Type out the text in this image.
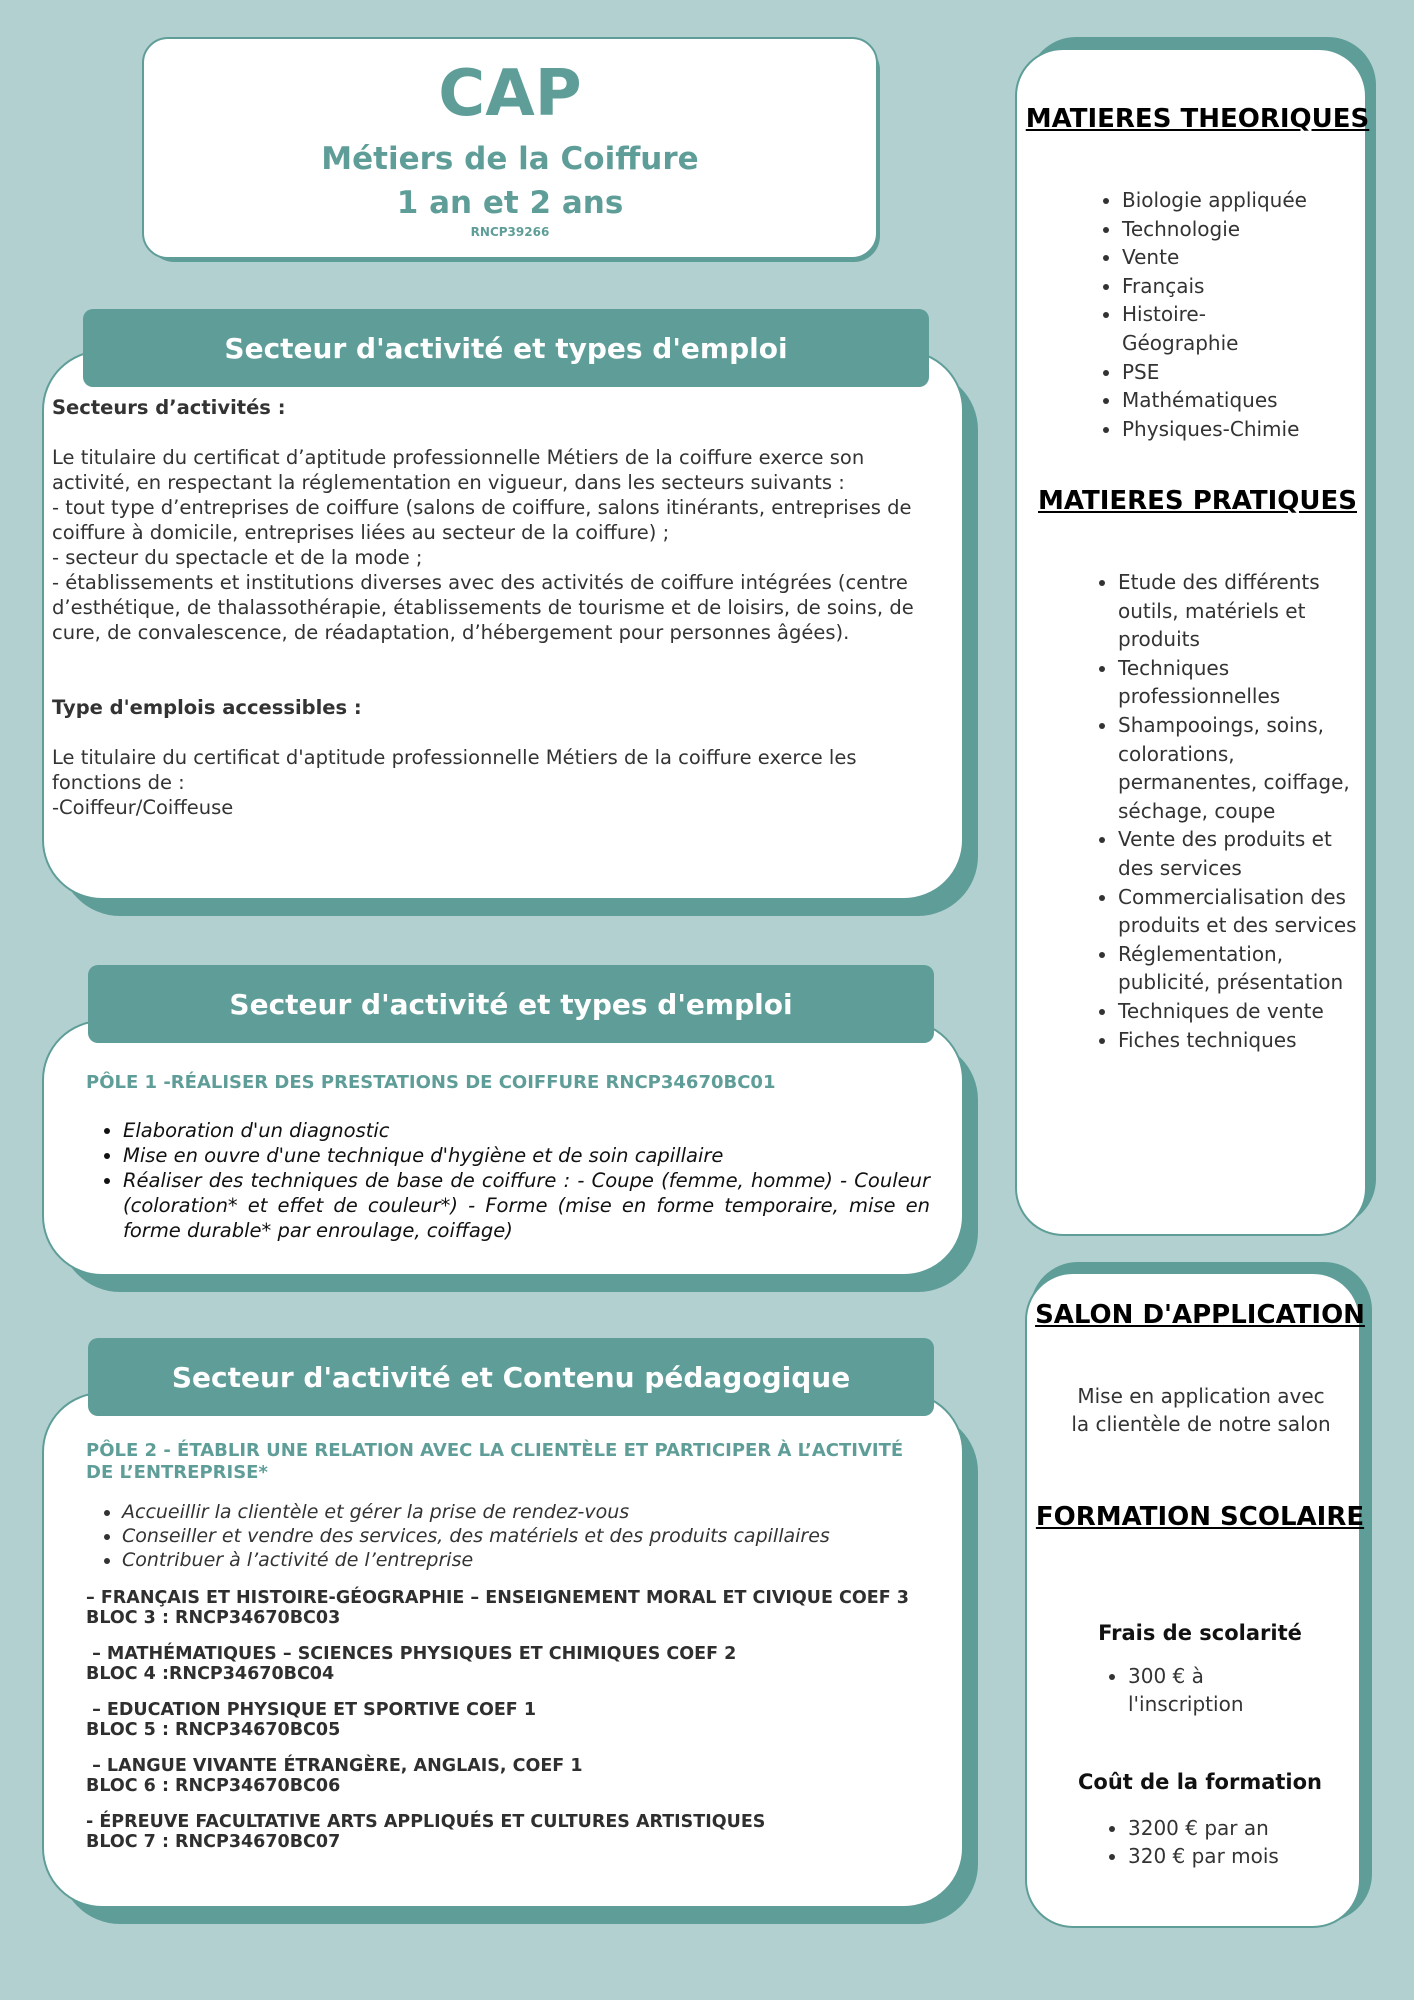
CAP
Métiers de la Coiffure
1 an et 2 ans
RNCP39266
Secteur d'activité et types d'emploi

Secteurs d’activités :

Le titulaire du certificat d’aptitude professionnelle Métiers de la coiffure exerce son activité, en respectant la réglementation en vigueur, dans les secteurs suivants :

- tout type d’entreprises de coiffure (salons de coiffure, salons itinérants, entreprises de coiffure à domicile, entreprises liées au secteur de la coiffure) ;

- secteur du spectacle et de la mode ;

- établissements et institutions diverses avec des activités de coiffure intégrées (centre d’esthétique, de thalassothérapie, établissements de tourisme et de loisirs, de soins, de cure, de convalescence, de réadaptation, d’hébergement pour personnes âgées).

Type d'emplois accessibles :

Le titulaire du certificat d'aptitude professionnelle Métiers de la coiffure exerce les fonctions de :

-Coiffeur/Coiffeuse

Secteur d'activité et types d'emploi
PÔLE 1 -RÉALISER DES PRESTATIONS DE COIFFURE RNCP34670BC01
• Elaboration d'un diagnostic
• Mise en ouvre d'une technique d'hygiène et de soin capillaire
• Réaliser des techniques de base de coiffure : - Coupe (femme, homme) - Couleur (coloration* et effet de couleur*) - Forme (mise en forme temporaire, mise en forme durable* par enroulage, coiffage)
Secteur d'activité et Contenu pédagogique
PÔLE 2 - ÉTABLIR UNE RELATION AVEC LA CLIENTÈLE ET PARTICIPER À L’ACTIVITÉ DE L’ENTREPRISE*
• Accueillir la clientèle et gérer la prise de rendez-vous
• Conseiller et vendre des services, des matériels et des produits capillaires
• Contribuer à l’activité de l’entreprise
– FRANÇAIS ET HISTOIRE-GÉOGRAPHIE – ENSEIGNEMENT MORAL ET CIVIQUE COEF 3
BLOC 3 : RNCP34670BC03
– MATHÉMATIQUES – SCIENCES PHYSIQUES ET CHIMIQUES COEF 2
BLOC 4 :RNCP34670BC04
– EDUCATION PHYSIQUE ET SPORTIVE COEF 1
BLOC 5 : RNCP34670BC05
– LANGUE VIVANTE ÉTRANGÈRE, ANGLAIS, COEF 1
BLOC 6 : RNCP34670BC06
- ÉPREUVE FACULTATIVE ARTS APPLIQUÉS ET CULTURES ARTISTIQUES
BLOC 7 : RNCP34670BC07
MATIERES THEORIQUES
• Biologie appliquée
• Technologie
• Vente
• Français
• Histoire-Géographie
• PSE
• Mathématiques
• Physiques-Chimie
MATIERES PRATIQUES
• Etude des différents outils, matériels et produits
• Techniques professionnelles
• Shampooings, soins, colorations, permanentes, coiffage, séchage, coupe
• Vente des produits et des services
• Commercialisation des produits et des services
• Réglementation, publicité, présentation
• Techniques de vente
• Fiches techniques
SALON D'APPLICATION
Mise en application avec la clientèle de notre salon
FORMATION SCOLAIRE
Frais de scolarité
• 300 € à l'inscription
Coût de la formation
• 3200 € par an
• 320 € par mois
